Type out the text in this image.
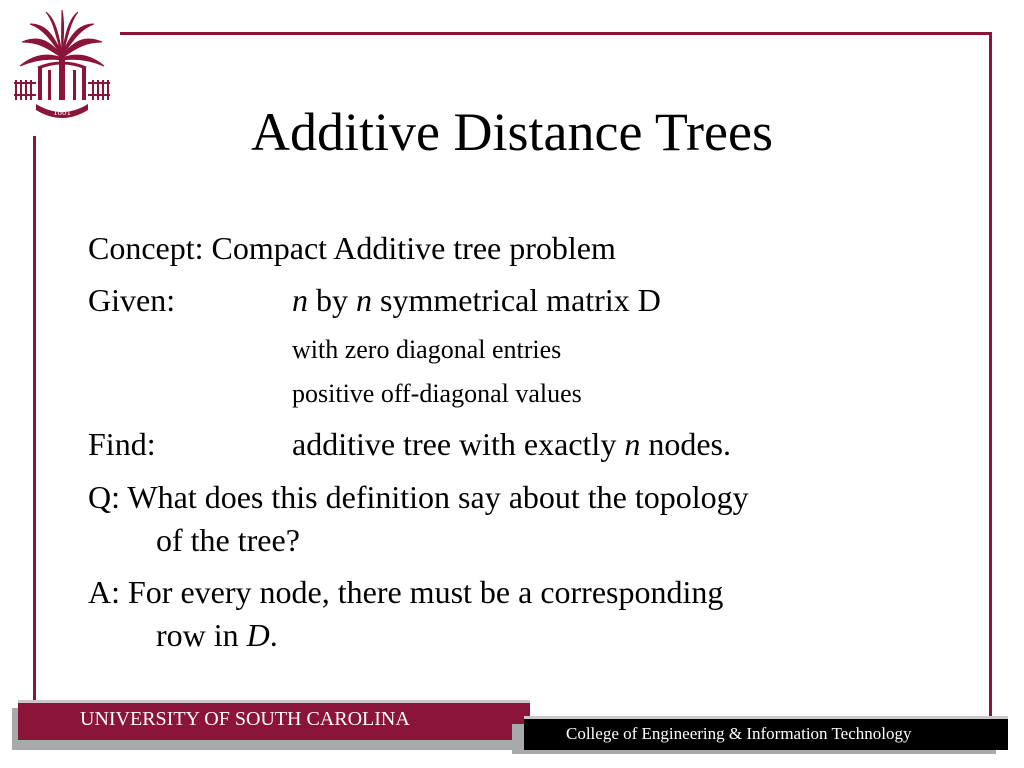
1801	Additive Distance Trees
Concept: Compact Additive tree problem
Given:	n by n symmetrical matrix D
with zero diagonal entries
positive off-diagonal values
Find:	additive tree with exactly n nodes.
Q: What does this definition say about the topology
of the tree?
A: For every node, there must be a corresponding
row in D.
UNIVERSITY OF SOUTH CAROLINA
College of Engineering & Information Technology
